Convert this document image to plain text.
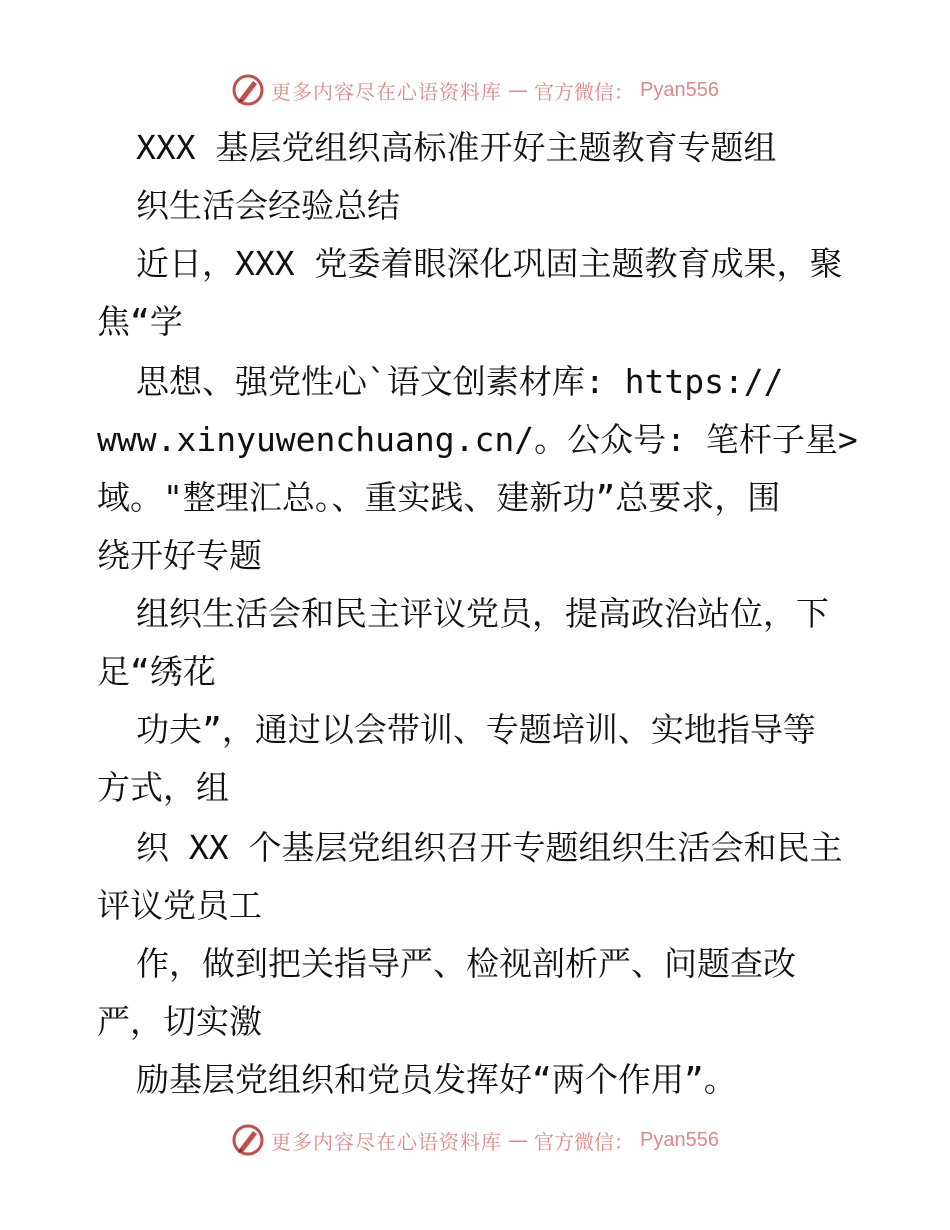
更多内容尽在心语资料库 — 官方微信： Pyan556
XXX 基层党组织高标准开好主题教育专题组
织生活会经验总结
近日，XXX 党委着眼深化巩固主题教育成果，聚
焦“学
思想、强党性心`语文创素材库: https://
www.xinyuwenchuang.cn/。公众号: 笔杆子星>
域。"整理汇总。、重实践、建新功”总要求，围
绕开好专题
组织生活会和民主评议党员，提高政治站位，下
足“绣花
功夫”，通过以会带训、专题培训、实地指导等
方式，组
织 XX 个基层党组织召开专题组织生活会和民主
评议党员工
作，做到把关指导严、检视剖析严、问题查改
严，切实激
励基层党组织和党员发挥好“两个作用”。
更多内容尽在心语资料库 — 官方微信： Pyan556
